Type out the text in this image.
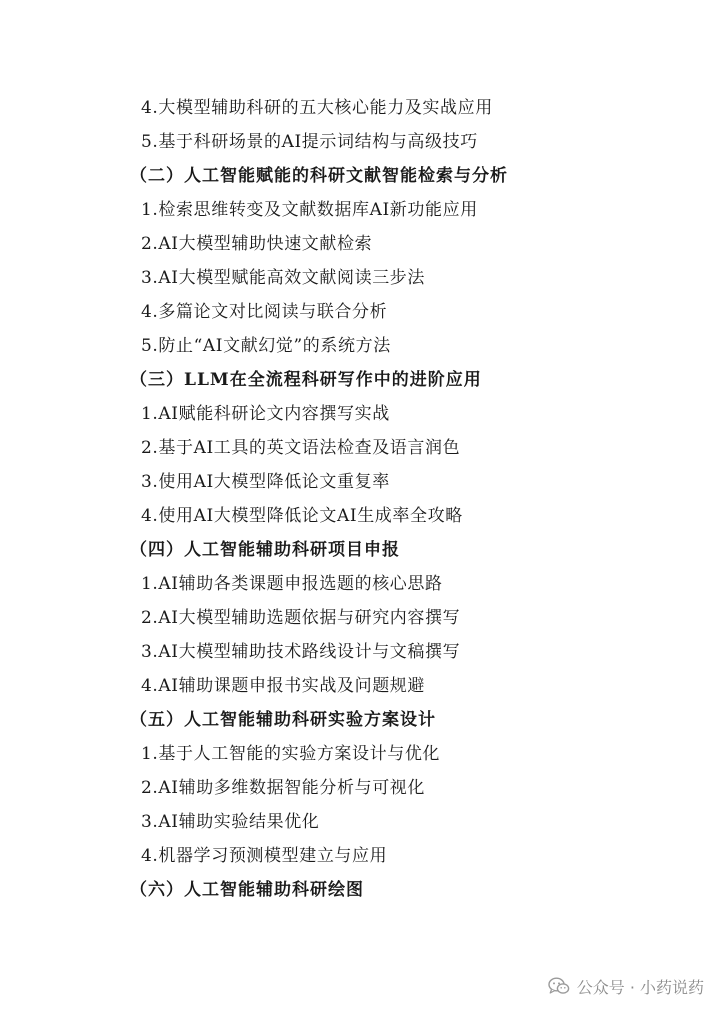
4.大模型辅助科研的五大核心能力及实战应用
5.基于科研场景的AI提示词结构与高级技巧
（二）人工智能赋能的科研文献智能检索与分析
1.检索思维转变及文献数据库AI新功能应用
2.AI大模型辅助快速文献检索
3.AI大模型赋能高效文献阅读三步法
4.多篇论文对比阅读与联合分析
5.防止“AI文献幻觉”的系统方法
（三）LLM在全流程科研写作中的进阶应用
1.AI赋能科研论文内容撰写实战
2.基于AI工具的英文语法检查及语言润色
3.使用AI大模型降低论文重复率
4.使用AI大模型降低论文AI生成率全攻略
（四）人工智能辅助科研项目申报
1.AI辅助各类课题申报选题的核心思路
2.AI大模型辅助选题依据与研究内容撰写
3.AI大模型辅助技术路线设计与文稿撰写
4.AI辅助课题申报书实战及问题规避
（五）人工智能辅助科研实验方案设计
1.基于人工智能的实验方案设计与优化
2.AI辅助多维数据智能分析与可视化
3.AI辅助实验结果优化
4.机器学习预测模型建立与应用
（六）人工智能辅助科研绘图
公众号 · 小药说药
